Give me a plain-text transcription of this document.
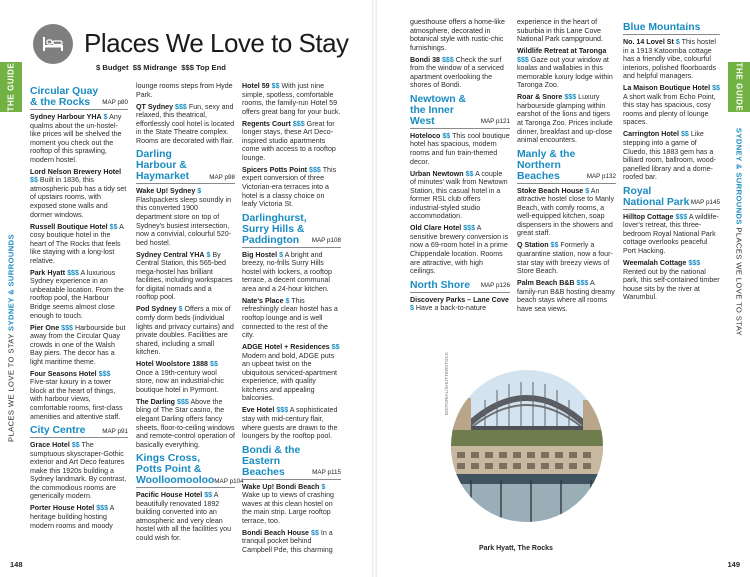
THE GUIDE
PLACES WE LOVE TO STAY SYDNEY & SURROUNDS
Places We Love to Stay
$ Budget $$ Midrange $$$ Top End
Circular Quay & the Rocks	MAP p80
Sydney Harbour YHA $ Any qualms about the un-hostel-like prices will be shelved the moment you check out the rooftop of this sprawling, modern hostel.
Lord Nelson Brewery Hotel $$ Built in 1836, this atmospheric pub has a tidy set of upstairs rooms, with exposed stone walls and dormer windows.
Russell Boutique Hotel $$ A cosy boutique hotel in the heart of The Rocks that feels like staying with a long-lost relative.
Park Hyatt $$$ A luxurious Sydney experience in an unbeatable location. From the rooftop pool, the Harbour Bridge seems almost close enough to touch.
Pier One $$$ Harbourside but away from the Circular Quay crowds in one of the Walsh Bay piers. The decor has a light maritime theme.
Four Seasons Hotel $$$ Five-star luxury in a tower block at the heart of things, with harbour views, comfortable rooms, first-class amenities and attentive staff.
City Centre	MAP p91
Grace Hotel $$ The sumptuous skyscraper-Gothic exterior and Art Deco features make this 1920s building a Sydney landmark. By contrast, the commodious rooms are generically modern.
Porter House Hotel $$$ A heritage building hosting modern rooms and moody
lounge rooms steps from Hyde Park.
QT Sydney $$$ Fun, sexy and relaxed, this theatrical, effortlessly cool hotel is located in the State Theatre complex. Rooms are decorated with flair.
Darling Harbour & Haymarket	MAP p98
Wake Up! Sydney $ Flashpackers sleep soundly in this converted 1900 department store on top of Sydney's busiest intersection, now a convivial, colourful 520-bed hostel.
Sydney Central YHA $ By Central Station, this 565-bed mega-hostel has brilliant facilities, including workspaces for digital nomads and a rooftop pool.
Pod Sydney $ Offers a mix of comfy dorm beds (individual lights and privacy curtains) and private doubles. Facilities are shared, including a small kitchen.
Hotel Woolstore 1888 $$ Once a 19th-century wool store, now an industrial-chic boutique hotel in Pyrmont.
The Darling $$$ Above the bling of The Star casino, the elegant Darling offers fancy sheets, floor-to-ceiling windows and remote-control operation of basically everything.
Kings Cross, Potts Point & Woolloomooloo MAP p104
Pacific House Hotel $$ A beautifully renovated 1892 building converted into an atmospheric and very clean hostel with all the facilities you could wish for.
Hotel 59 $$ With just nine simple, spotless, comfortable rooms, the family-run Hotel 59 offers great bang for your buck.
Regents Court $$$ Great for longer stays, these Art Deco-inspired studio apartments come with access to a rooftop lounge.
Spicers Potts Point $$$ This expert conversion of three Victorian-era terraces into a hotel is a classy choice on leafy Victoria St.
Darlinghurst, Surry Hills & Paddington	MAP p108
Big Hostel $ A bright and breezy, no-frills Surry Hills hostel with lockers, a rooftop terrace, a decent communal area and a 24-hour kitchen.
Nate's Place $ This refreshingly clean hostel has a rooftop lounge and is well connected to the rest of the city.
ADGE Hotel + Residences $$ Modern and bold, ADGE puts an upbeat twist on the ubiquitous serviced-apartment experience, with quality kitchens and appealing balconies.
Eve Hotel $$$ A sophisticated stay with mid-century flair, where guests are drawn to the loungers by the rooftop pool.
Bondi & the Eastern Beaches	MAP p115
Wake Up! Bondi Beach $ Wake up to views of crashing waves at this clean hostel on the main strip. Large rooftop terrace, too.
Bondi Beach House $$ In a tranquil pocket behind Campbell Pde, this charming
148
guesthouse offers a home-like atmosphere, decorated in botanical style with rustic-chic furnishings.
Bondi 38 $$$ Check the surf from the window of a serviced apartment overlooking the shores of Bondi.
Newtown & the Inner West	MAP p121
Hoteloco $$ This cool boutique hotel has spacious, modern rooms and fun train-themed decor.
Urban Newtown $$ A couple of minutes' walk from Newtown Station, this casual hotel in a former RSL club offers industrial-styled studio accommodation.
Old Clare Hotel $$$ A sensitive brewery conversion is now a 69-room hotel in a prime Chippendale location. Rooms are attractive, with high ceilings.
North Shore MAP p126
Discovery Parks – Lane Cove $ Have a back-to-nature
experience in the heart of suburbia in this Lane Cove National Park campground.
Wildlife Retreat at Taronga $$$ Gaze out your window at koalas and wallabies in this memorable luxury lodge within Taronga Zoo.
Roar & Snore $$$ Luxury harbourside glamping within earshot of the lions and tigers at Taronga Zoo. Prices include dinner, breakfast and up-close animal encounters.
Manly & the Northern Beaches	MAP p132
Stoke Beach House $ An attractive hostel close to Manly Beach, with comfy rooms, a well-equipped kitchen, soap dispensers in the showers and great staff.
Q Station $$ Formerly a quarantine station, now a four-star stay with breezy views of Store Beach.
Palm Beach B&B $$$ A family-run B&B hosting dreamy beach stays where all rooms have sea views.
Blue Mountains
No. 14 Lovel St $ This hostel in a 1913 Katoomba cottage has a friendly vibe, colourful interiors, polished floorboards and helpful managers.
La Maison Boutique Hotel $$ A short walk from Echo Point, this stay has spacious, cosy rooms and plenty of lounge spaces.
Carrington Hotel $$ Like stepping into a game of Cluedo, this 1883 gem has a billiard room, ballroom, wood-panelled library and a dome-roofed bar.
Royal National Park MAP p145
Hilltop Cottage $$$ A wildlife-lover's retreat, this three-bedroom Royal National Park cottage overlooks peaceful Port Hacking.
Weemalah Cottage $$$ Rented out by the national park, this self-contained timber house sits by the river at Warumbul.
149
THE GUIDE
SYDNEY & SURROUNDS PLACES WE LOVE TO STAY
EDITORIAL/SHUTTERSTOCK
Park Hyatt, The Rocks
